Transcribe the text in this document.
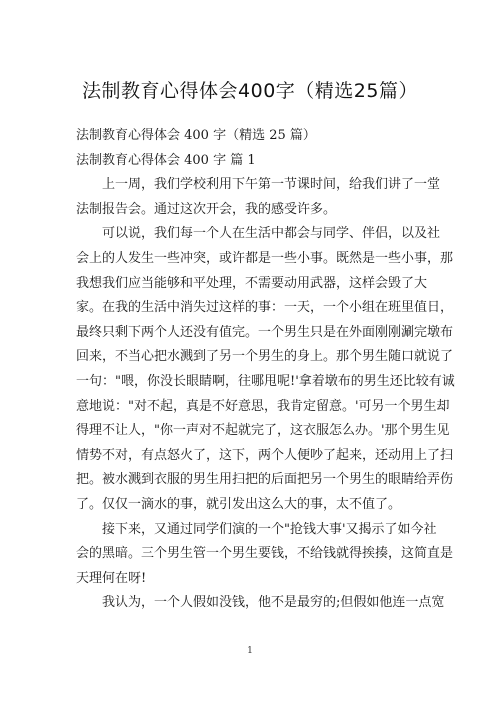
法制教育心得体会400字（精选25篇）
法制教育心得体会 400 字（精选 25 篇）
法制教育心得体会 400 字 篇 1
上一周，我们学校利用下午第一节课时间，给我们讲了一堂
法制报告会。通过这次开会，我的感受许多。
可以说，我们每一个人在生活中都会与同学、伴侣，以及社
会上的人发生一些冲突，或许都是一些小事。既然是一些小事，那
我想我们应当能够和平处理，不需要动用武器，这样会毁了大
家。在我的生活中消失过这样的事：一天，一个小组在班里值日，
最终只剩下两个人还没有值完。一个男生只是在外面刚刚涮完墩布
回来，不当心把水溅到了另一个男生的身上。那个男生随口就说了
一句："喂，你没长眼睛啊，往哪甩呢!'拿着墩布的男生还比较有诚
意地说："对不起，真是不好意思，我肯定留意。'可另一个男生却
得理不让人，"你一声对不起就完了，这衣服怎么办。'那个男生见
情势不对，有点怒火了，这下，两个人便吵了起来，还动用上了扫
把。被水溅到衣服的男生用扫把的后面把另一个男生的眼睛给弄伤
了。仅仅一滴水的事，就引发出这么大的事，太不值了。
接下来，又通过同学们演的一个"抢钱大事'又揭示了如今社
会的黑暗。三个男生管一个男生要钱，不给钱就得挨揍，这简直是
天理何在呀!
我认为，一个人假如没钱，他不是最穷的;但假如他连一点宽
1
